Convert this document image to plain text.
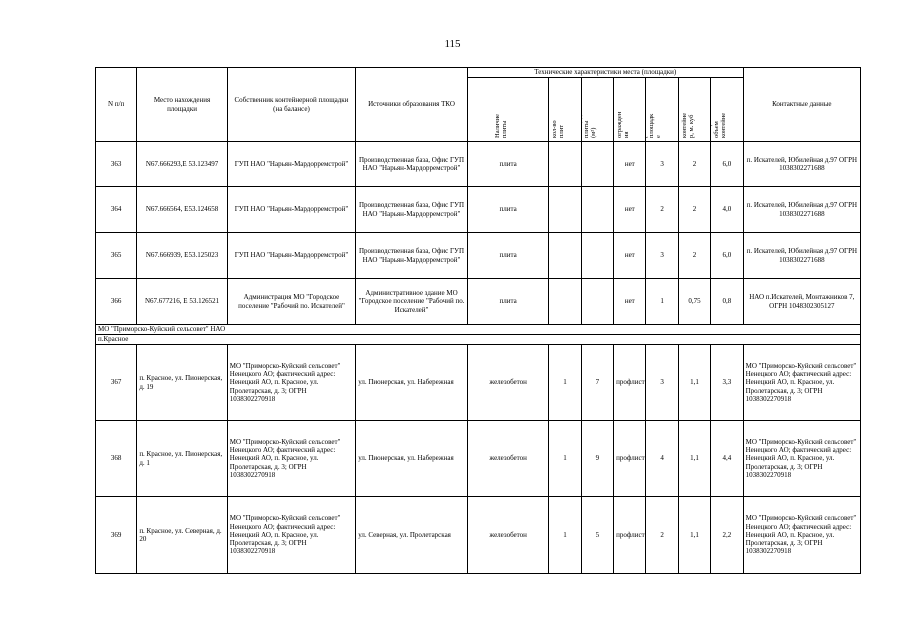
115
N п/п	Место нахождения площадки	Собственник контейнерной площадки (на балансе)	Источники образования ТКО	Технические характеристики места (площадки)							Контактные данные

				Наличие плиты	кол-во плит	Площадь плиты (м²)	огражден ия	ров на площадк е	Объем контейне р, м. куб	Общий объем контейне	

363	N67.666293,Е 53.123497	ГУП НАО "Нарьян-Мардорремстрой"	Производственная база, Офис ГУП НАО "Нарьян-Мардорремстрой"	плита			нет	3	2	6,0	п. Искателей, Юбилейная д.97 ОГРН 1038302271688
364	N67.666564, Е53.124658	ГУП НАО "Нарьян-Мардорремстрой"	Производственная база, Офис ГУП НАО "Нарьян-Мардорремстрой"	плита			нет	2	2	4,0	п. Искателей, Юбилейная д.97 ОГРН 1038302271688
365	N67.666939, Е53.125023	ГУП НАО "Нарьян-Мардорремстрой"	Производственная база, Офис ГУП НАО "Нарьян-Мардорремстрой"	плита			нет	3	2	6,0	п. Искателей, Юбилейная д.97 ОГРН 1038302271688
366	N67.677216, Е 53.126521	Администрация МО "Городское поселение "Рабочий по. Искателей"	Административное здание МО "Городское поселение "Рабочий по. Искателей"	плита			нет	1	0,75	0,8	НАО п.Искателей, Монтажников 7, ОГРН 1048302305127
МО "Приморско-Куйский сельсовет" НАО											
п.Красное											
367	п. Красное, ул. Пионерская, д. 19	МО "Приморско-Куйский сельсовет" Ненецкого АО; фактический адрес: Ненецкий АО, п. Красное, ул. Пролетарская, д. 3; ОГРН 1038302270918	ул. Пионерская, ул. Набережная	железобетон	1	7	профлист	3	1,1	3,3	МО "Приморско-Куйский сельсовет" Ненецкого АО; фактический адрес: Ненецкий АО, п. Красное, ул. Пролетарская, д. 3; ОГРН 1038302270918
368	п. Красное, ул. Пионерская, д. 1	МО "Приморско-Куйский сельсовет" Ненецкого АО; фактический адрес: Ненецкий АО, п. Красное, ул. Пролетарская, д. 3; ОГРН 1038302270918	ул. Пионерская, ул. Набережная	железобетон	1	9	профлист	4	1,1	4,4	МО "Приморско-Куйский сельсовет" Ненецкого АО; фактический адрес: Ненецкий АО, п. Красное, ул. Пролетарская, д. 3; ОГРН 1038302270918
369	п. Красное, ул. Северная, д. 20	МО "Приморско-Куйский сельсовет" Ненецкого АО; фактический адрес: Ненецкий АО, п. Красное, ул. Пролетарская, д. 3; ОГРН 1038302270918	ул. Северная, ул. Пролетарская	железобетон	1	5	профлист	2	1,1	2,2	МО "Приморско-Куйский сельсовет" Ненецкого АО; фактический адрес: Ненецкий АО, п. Красное, ул. Пролетарская, д. 3; ОГРН 1038302270918
